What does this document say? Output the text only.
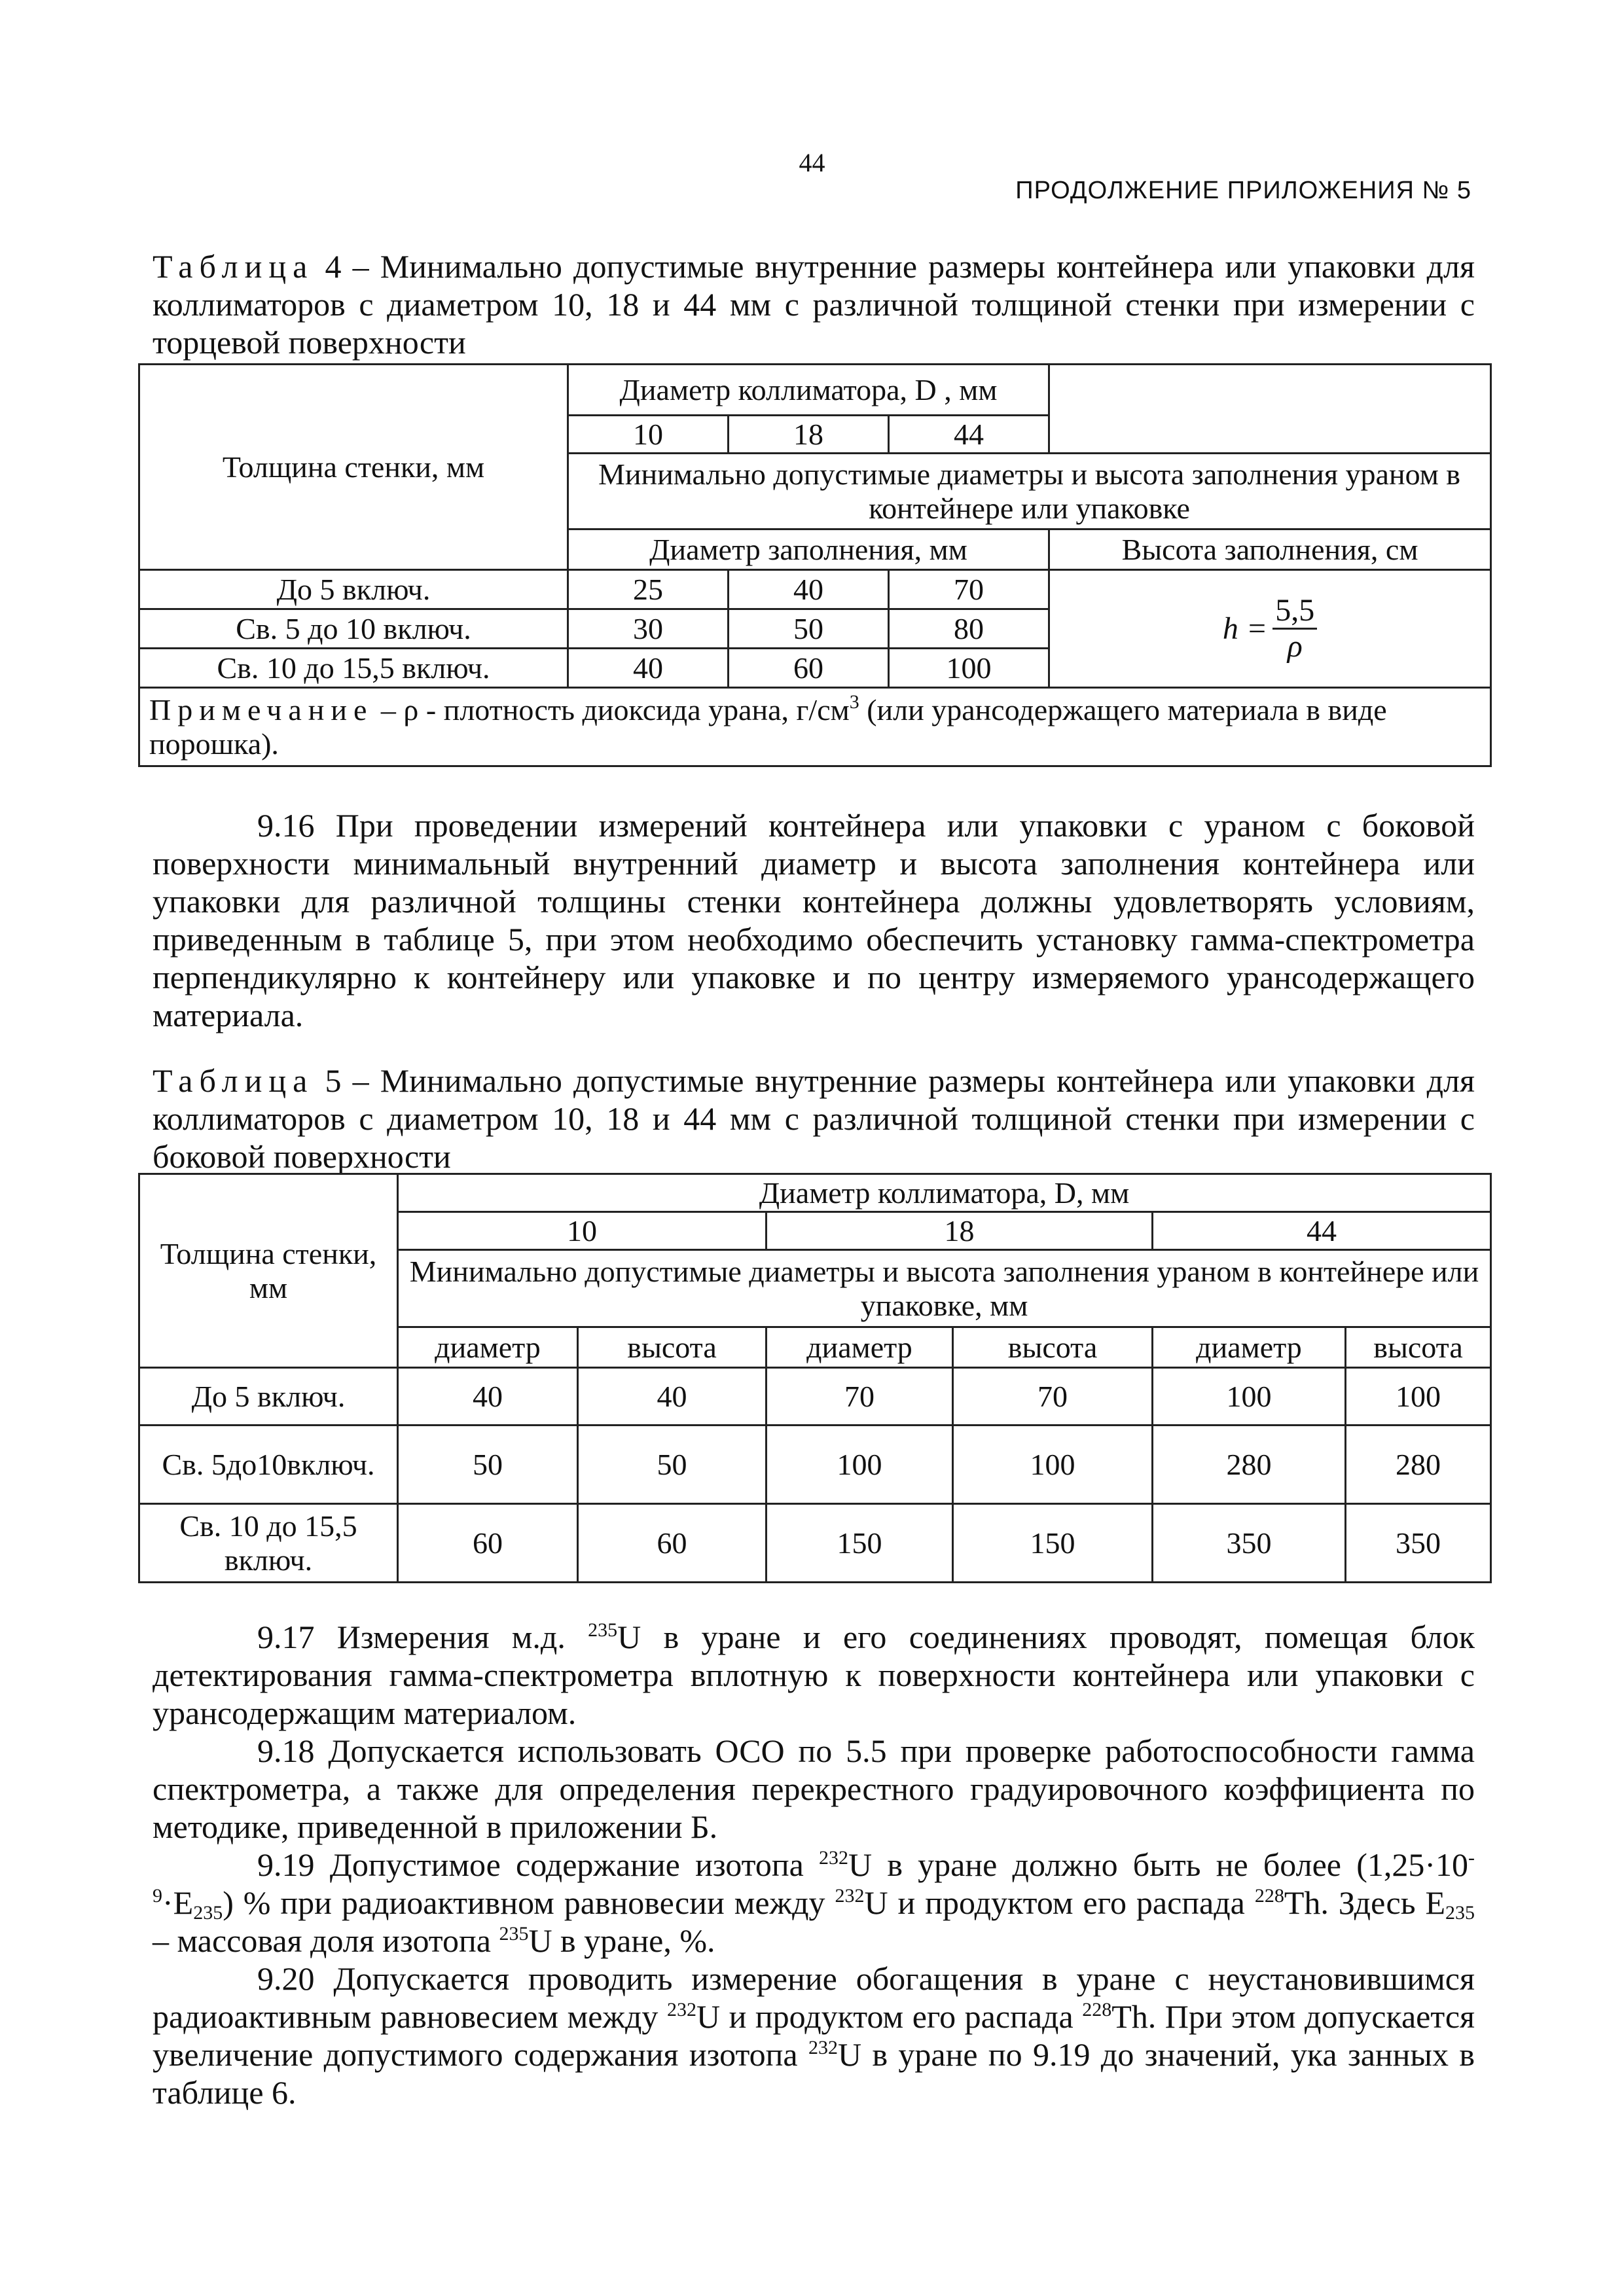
44
ПРОДОЛЖЕНИЕ ПРИЛОЖЕНИЯ № 5
Таблица 4 – Минимально допустимые внутренние размеры контейнера или упаковки для коллиматоров с диаметром 10, 18 и 44 мм с различной толщиной стенки при измерении с торцевой поверхности
Толщина стенки, мм	Диаметр коллиматора, D , мм			
	10	18	44	
	Минимально допустимые диаметры и высота заполнения ураном в контейнере или упаковке			
	Диаметр заполнения, мм			Высота заполнения, см
До 5 включ.	25	40	70	$h = \frac{5,5}{\rho}$

Св. 5 до 10 включ.	30	50	80	
Св. 10 до 15,5 включ.	40	60	100	
Примечание – ρ - плотность диоксида урана, $г/см^3$ (или урансодержащего материала в виде порошка).				

9.16 При проведении измерений контейнера или упаковки с ураном с боковой поверхности минимальный внутренний диаметр и высота заполнения контейнера или упаковки для различной толщины стенки контейнера должны удовлетворять условиям, приведенным в таблице 5, при этом необходимо обеспечить установку гамма-спектрометра перпендикулярно к контейнеру или упаковке и по центру измеряемого урансодержащего материала.

Таблица 5 – Минимально допустимые внутренние размеры контейнера или упаковки для коллиматоров с диаметром 10, 18 и 44 мм с различной толщиной стенки при измерении с боковой поверхности
Толщина стенки, мм	Диаметр коллиматора, D, мм					
	10		18		44	
	Минимально допустимые диаметры и высота заполнения ураном в контейнере или упаковке, мм					
	диаметр	высота	диаметр	высота	диаметр	высота
До 5 включ.	40	40	70	70	100	100
Св. 5до10включ.	50	50	100	100	280	280
Св. 10 до 15,5 включ.	60	60	150	150	350	350

9.17 Измерения м.д. $^{235}$U в уране и его соединениях проводят, помещая блок детектирования гамма-спектрометра вплотную к поверхности контейнера или упаковки с урансодержащим материалом.

9.18 Допускается использовать ОСО по 5.5 при проверке работоспособности гамма спектрометра, а также для определения перекрестного градуировочного коэффициента по методике, приведенной в приложении Б.

9.19 Допустимое содержание изотопа $^{232}$U в уране должно быть не более $(1,25\cdot 10^{-9}\cdot E_{235})$ % при радиоактивном равновесии между $^{232}$U и продуктом его распада $^{228}$Th. Здесь $E_{235}$ – массовая доля изотопа $^{235}$U в уране, %.

9.20 Допускается проводить измерение обогащения в уране с неустановившимся радиоактивным равновесием между $^{232}$U и продуктом его распада $^{228}$Th. При этом допускается увеличение допустимого содержания изотопа $^{232}$U в уране по 9.19 до значений, ука занных в таблице 6.
